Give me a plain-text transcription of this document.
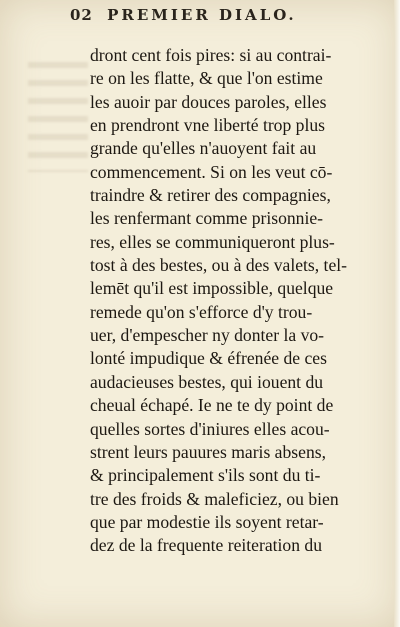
02 PREMIER DIALO.
dront cent fois pires: si au contrai-
re on les flatte, & que l'on estime
les auoir par douces paroles, elles
en prendront vne liberté trop plus
grande qu'elles n'auoyent fait au
commencement. Si on les veut cō-
traindre & retirer des compagnies,
les renfermant comme prisonnie-
res, elles se communiqueront plus-
tost à des bestes, ou à des valets, tel-
lemēt qu'il est impossible, quelque
remede qu'on s'efforce d'y trou-
uer, d'empescher ny donter la vo-
lonté impudique & éfrenée de ces
audacieuses bestes, qui iouent du
cheual échapé. Ie ne te dy point de
quelles sortes d'iniures elles acou-
strent leurs pauures maris absens,
& principalement s'ils sont du ti-
tre des froids & maleficiez, ou bien
que par modestie ils soyent retar-
dez de la frequente reiteration du
